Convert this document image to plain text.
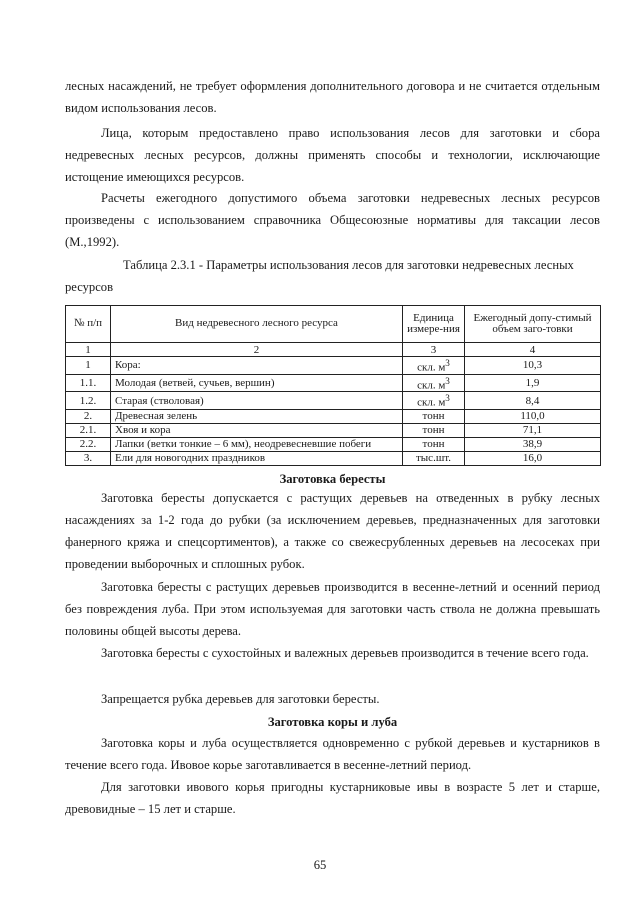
лесных насаждений, не требует оформления дополнительного договора и не считается отдельным видом использования лесов.

Лица, которым предоставлено право использования лесов для заготовки и сбора недревесных лесных ресурсов, должны применять способы и технологии, исключающие истощение имеющихся ресурсов.

Расчеты ежегодного допустимого объема заготовки недревесных лесных ресурсов произведены с использованием справочника Общесоюзные нормативы для таксации лесов (М.,1992).

Таблица 2.3.1 - Параметры использования лесов для заготовки недревесных лесных ресурсов

№ п/п	Вид недревесного лесного ресурса	Единица измере-ния	Ежегодный допу-стимый объем заго-товки
1	2	3	4
1	Кора:	скл. $м^3$	10,3
1.1.	Молодая (ветвей, сучьев, вершин)	скл. $м^3$	1,9
1.2.	Старая (стволовая)	скл. $м^3$	8,4
2.	Древесная зелень	тонн	110,0
2.1.	Хвоя и кора	тонн	71,1
2.2.	Лапки (ветки тонкие – 6 мм), неодревесневшие побеги	тонн	38,9
3.	Ели для новогодних праздников	тыс.шт.	16,0

Заготовка бересты

Заготовка бересты допускается с растущих деревьев на отведенных в рубку лесных насаждениях за 1-2 года до рубки (за исключением деревьев, предназначенных для заготовки фанерного кряжа и спецсортиментов), а также со свежесрубленных деревьев на лесосеках при проведении выборочных и сплошных рубок.

Заготовка бересты с растущих деревьев производится в весенне-летний и осенний период без повреждения луба. При этом используемая для заготовки часть ствола не должна превышать половины общей высоты дерева.

Заготовка бересты с сухостойных и валежных деревьев производится в течение всего года.

Запрещается рубка деревьев для заготовки бересты.

Заготовка коры и луба

Заготовка коры и луба осуществляется одновременно с рубкой деревьев и кустарников в течение всего года. Ивовое корье заготавливается в весенне-летний период.

Для заготовки ивового корья пригодны кустарниковые ивы в возрасте 5 лет и старше, древовидные – 15 лет и старше.

65
